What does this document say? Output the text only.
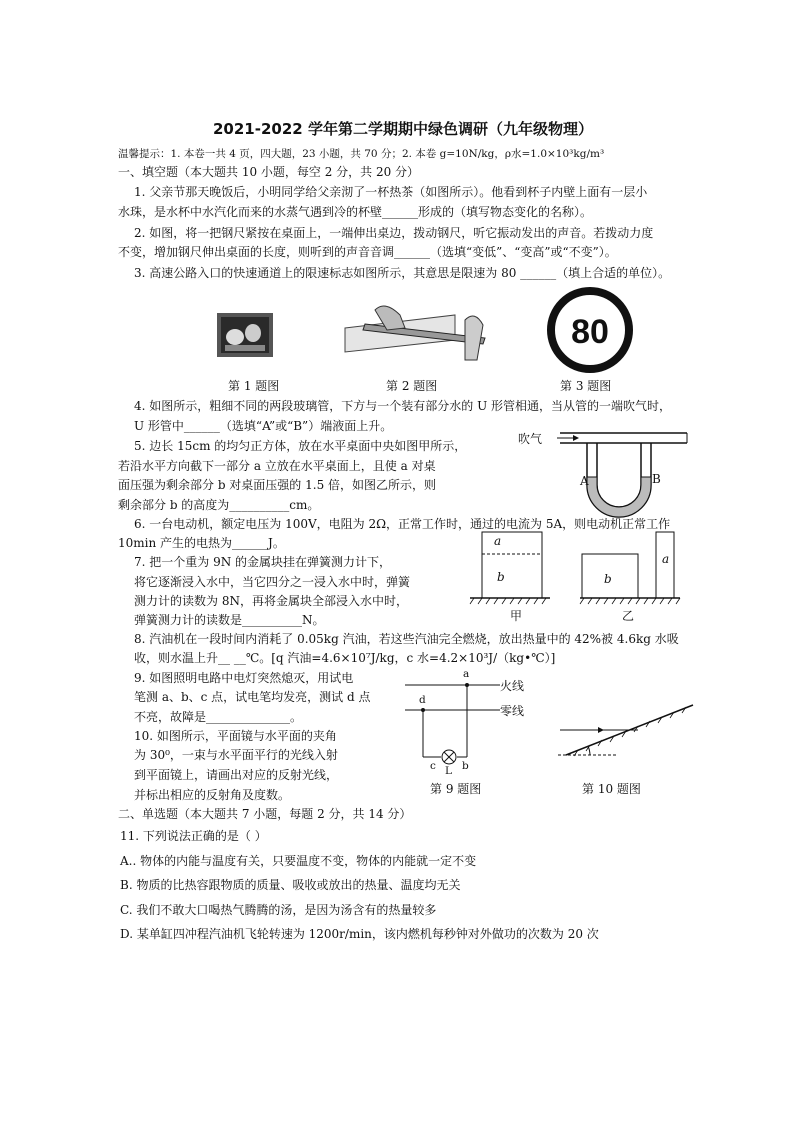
2021-2022 学年第二学期期中绿色调研（九年级物理）
温馨提示：1. 本卷一共 4 页，四大题，23 小题，共 70 分；2. 本卷 g=10N/kg，ρ水=1.0×10³kg/m³
一、填空题（本大题共 10 小题，每空 2 分，共 20 分）
1. 父亲节那天晚饭后，小明同学给父亲沏了一杯热茶（如图所示）。他看到杯子内壁上面有一层小
水珠，是水杯中水汽化而来的水蒸气遇到冷的杯壁______形成的（填写物态变化的名称）。
2. 如图，将一把钢尺紧按在桌面上，一端伸出桌边，拨动钢尺，听它振动发出的声音。若拨动力度
不变，增加钢尺伸出桌面的长度，则听到的声音音调______（选填“变低”、“变高”或“不变”）。
3. 高速公路入口的快速通道上的限速标志如图所示，其意思是限速为 80 ______（填上合适的单位）。
80
第 1 题图	第 2 题图	第 3 题图
4. 如图所示，粗细不同的两段玻璃管，下方与一个装有部分水的 U 形管相通，当从管的一端吹气时，
U 形管中______（选填“A”或“B”）端液面上升。
吹气
A	B
5. 边长 15cm 的均匀正方体，放在水平桌面中央如图甲所示，
若沿水平方向截下一部分 a 立放在水平桌面上，且使 a 对桌
面压强为剩余部分 b 对桌面压强的 1.5 倍，如图乙所示，则
剩余部分 b 的高度为__________cm。
6. 一台电动机，额定电压为 100V，电阻为 2Ω，正常工作时，通过的电流为 5A，则电动机正常工作
10min 产生的电热为______J。
7. 把一个重为 9N 的金属块挂在弹簧测力计下，
将它逐渐浸入水中，当它四分之一浸入水中时，弹簧
测力计的读数为 8N，再将金属块全部浸入水中时，
弹簧测力计的读数是__________N。
a
b	b
a
甲	乙
8. 汽油机在一段时间内消耗了 0.05kg 汽油，若这些汽油完全燃烧，放出热量中的 42%被 4.6kg 水吸
收，则水温上升__ __℃。[q 汽油=4.6×10⁷J/kg，c 水=4.2×10³J/（kg•℃）]
9. 如图照明电路中电灯突然熄灭，用试电
笔测 a、b、c 点，试电笔均发亮，测试 d 点
不亮，故障是______________。
10. 如图所示，平面镜与水平面的夹角
为 30⁰，一束与水平面平行的光线入射
到平面镜上，请画出对应的反射光线，
并标出相应的反射角及度数。
火线
零线
a
d
c L b
第 9 题图	第 10 题图
二、单选题（本大题共 7 小题，每题 2 分，共 14 分）
11. 下列说法正确的是（ ）
A.. 物体的内能与温度有关，只要温度不变，物体的内能就一定不变
B. 物质的比热容跟物质的质量、吸收或放出的热量、温度均无关
C. 我们不敢大口喝热气腾腾的汤，是因为汤含有的热量较多
D. 某单缸四冲程汽油机飞轮转速为 1200r/min，该内燃机每秒钟对外做功的次数为 20 次
